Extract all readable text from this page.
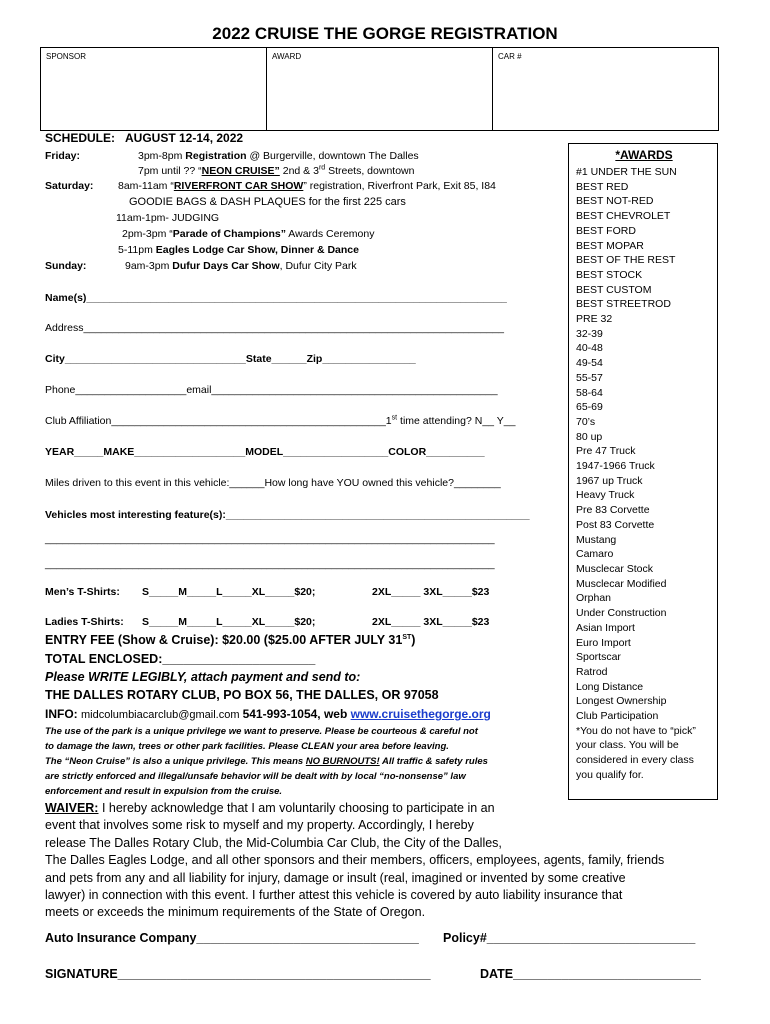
2022 CRUISE THE GORGE REGISTRATION
SPONSOR	AWARD	CAR #
SCHEDULE: AUGUST 12-14, 2022
Friday:	3pm-8pm Registration @ Burgerville, downtown The Dalles
7pm until ?? “NEON CRUISE” 2nd & 3rd Streets, downtown
Saturday: 8am-11am “RIVERFRONT CAR SHOW” registration, Riverfront Park, Exit 85, I84
GOODIE BAGS & DASH PLAQUES for the first 225 cars
11am-1pm- JUDGING
2pm-3pm “Parade of Champions” Awards Ceremony
5-11pm Eagles Lodge Car Show, Dinner & Dance
Sunday:	9am-3pm Dufur Days Car Show, Dufur City Park
Name(s)________________________________________________________________________
Address________________________________________________________________________
City_______________________________State______Zip________________
Phone___________________email_________________________________________________
Club Affiliation_______________________________________________1st time attending? N__ Y__
YEAR_____MAKE___________________MODEL__________________COLOR__________
Miles driven to this event in this vehicle:______How long have YOU owned this vehicle?________
Vehicles most interesting feature(s):____________________________________________________
_____________________________________________________________________________
_____________________________________________________________________________
Men’s T-Shirts: S_____M_____L_____XL_____$20;	2XL_____ 3XL_____$23
Ladies T-Shirts: S_____M_____L_____XL_____$20;	2XL_____ 3XL_____$23
ENTRY FEE (Show & Cruise): $20.00 ($25.00 AFTER JULY 31ST)
TOTAL ENCLOSED:______________________
Please WRITE LEGIBLY, attach payment and send to:
THE DALLES ROTARY CLUB, PO BOX 56, THE DALLES, OR 97058
INFO: midcolumbiacarclub@gmail.com 541-993-1054, web www.cruisethegorge.org
The use of the park is a unique privilege we want to preserve. Please be courteous & careful not
to damage the lawn, trees or other park facilities. Please CLEAN your area before leaving.
The “Neon Cruise” is also a unique privilege. This means NO BURNOUTS! All traffic & safety rules
are strictly enforced and illegal/unsafe behavior will be dealt with by local “no-nonsense” law
enforcement and result in expulsion from the cruise.
WAIVER: I hereby acknowledge that I am voluntarily choosing to participate in an
event that involves some risk to myself and my property. Accordingly, I hereby
release The Dalles Rotary Club, the Mid-Columbia Car Club, the City of the Dalles,
The Dalles Eagles Lodge, and all other sponsors and their members, officers, employees, agents, family, friends
and pets from any and all liability for injury, damage or insult (real, imagined or invented by some creative
lawyer) in connection with this event. I further attest this vehicle is covered by auto liability insurance that
meets or exceeds the minimum requirements of the State of Oregon.
Auto Insurance Company________________________________ Policy#______________________________
SIGNATURE_____________________________________________	DATE___________________________
*AWARDS
#1 UNDER THE SUN
BEST RED
BEST NOT-RED
BEST CHEVROLET
BEST FORD
BEST MOPAR
BEST OF THE REST
BEST STOCK
BEST CUSTOM
BEST STREETROD
PRE 32
32-39
40-48
49-54
55-57
58-64
65-69
70’s
80 up
Pre 47 Truck
1947-1966 Truck
1967 up Truck
Heavy Truck
Pre 83 Corvette
Post 83 Corvette
Mustang
Camaro
Musclecar Stock
Musclecar Modified
Orphan
Under Construction
Asian Import
Euro Import
Sportscar
Ratrod
Long Distance
Longest Ownership
Club Participation
*You do not have to “pick”
your class. You will be
considered in every class
you qualify for.
